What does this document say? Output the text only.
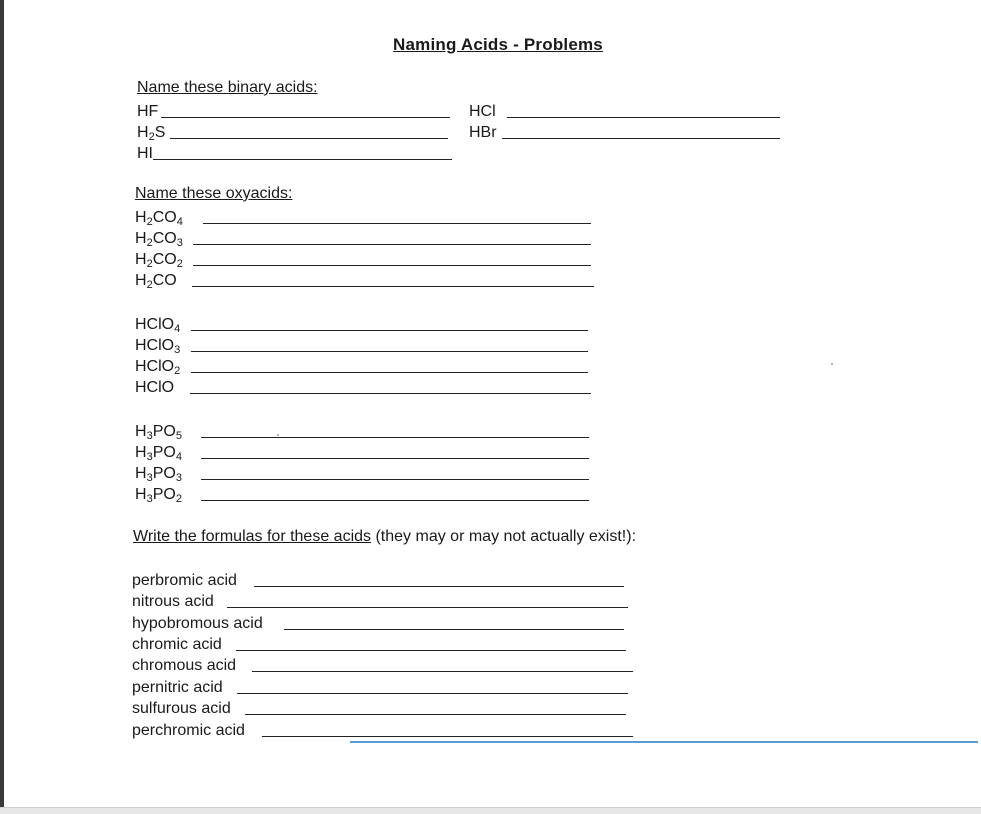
Naming Acids - Problems
Name these binary acids:
HF
$H_2S$
HI
HCl
HBr
Name these oxyacids:
$H_2CO_4$
$H_2CO_3$
$H_2CO_2$
$H_2CO$
HClO$_4$
HClO$_3$
HClO$_2$
HClO
$H_3PO_5$
$H_3PO_4$
$H_3PO_3$
$H_3PO_2$
Write the formulas for these acids (they may or may not actually exist!):
perbromic acid
nitrous acid
hypobromous acid
chromic acid
chromous acid
pernitric acid
sulfurous acid
perchromic acid
